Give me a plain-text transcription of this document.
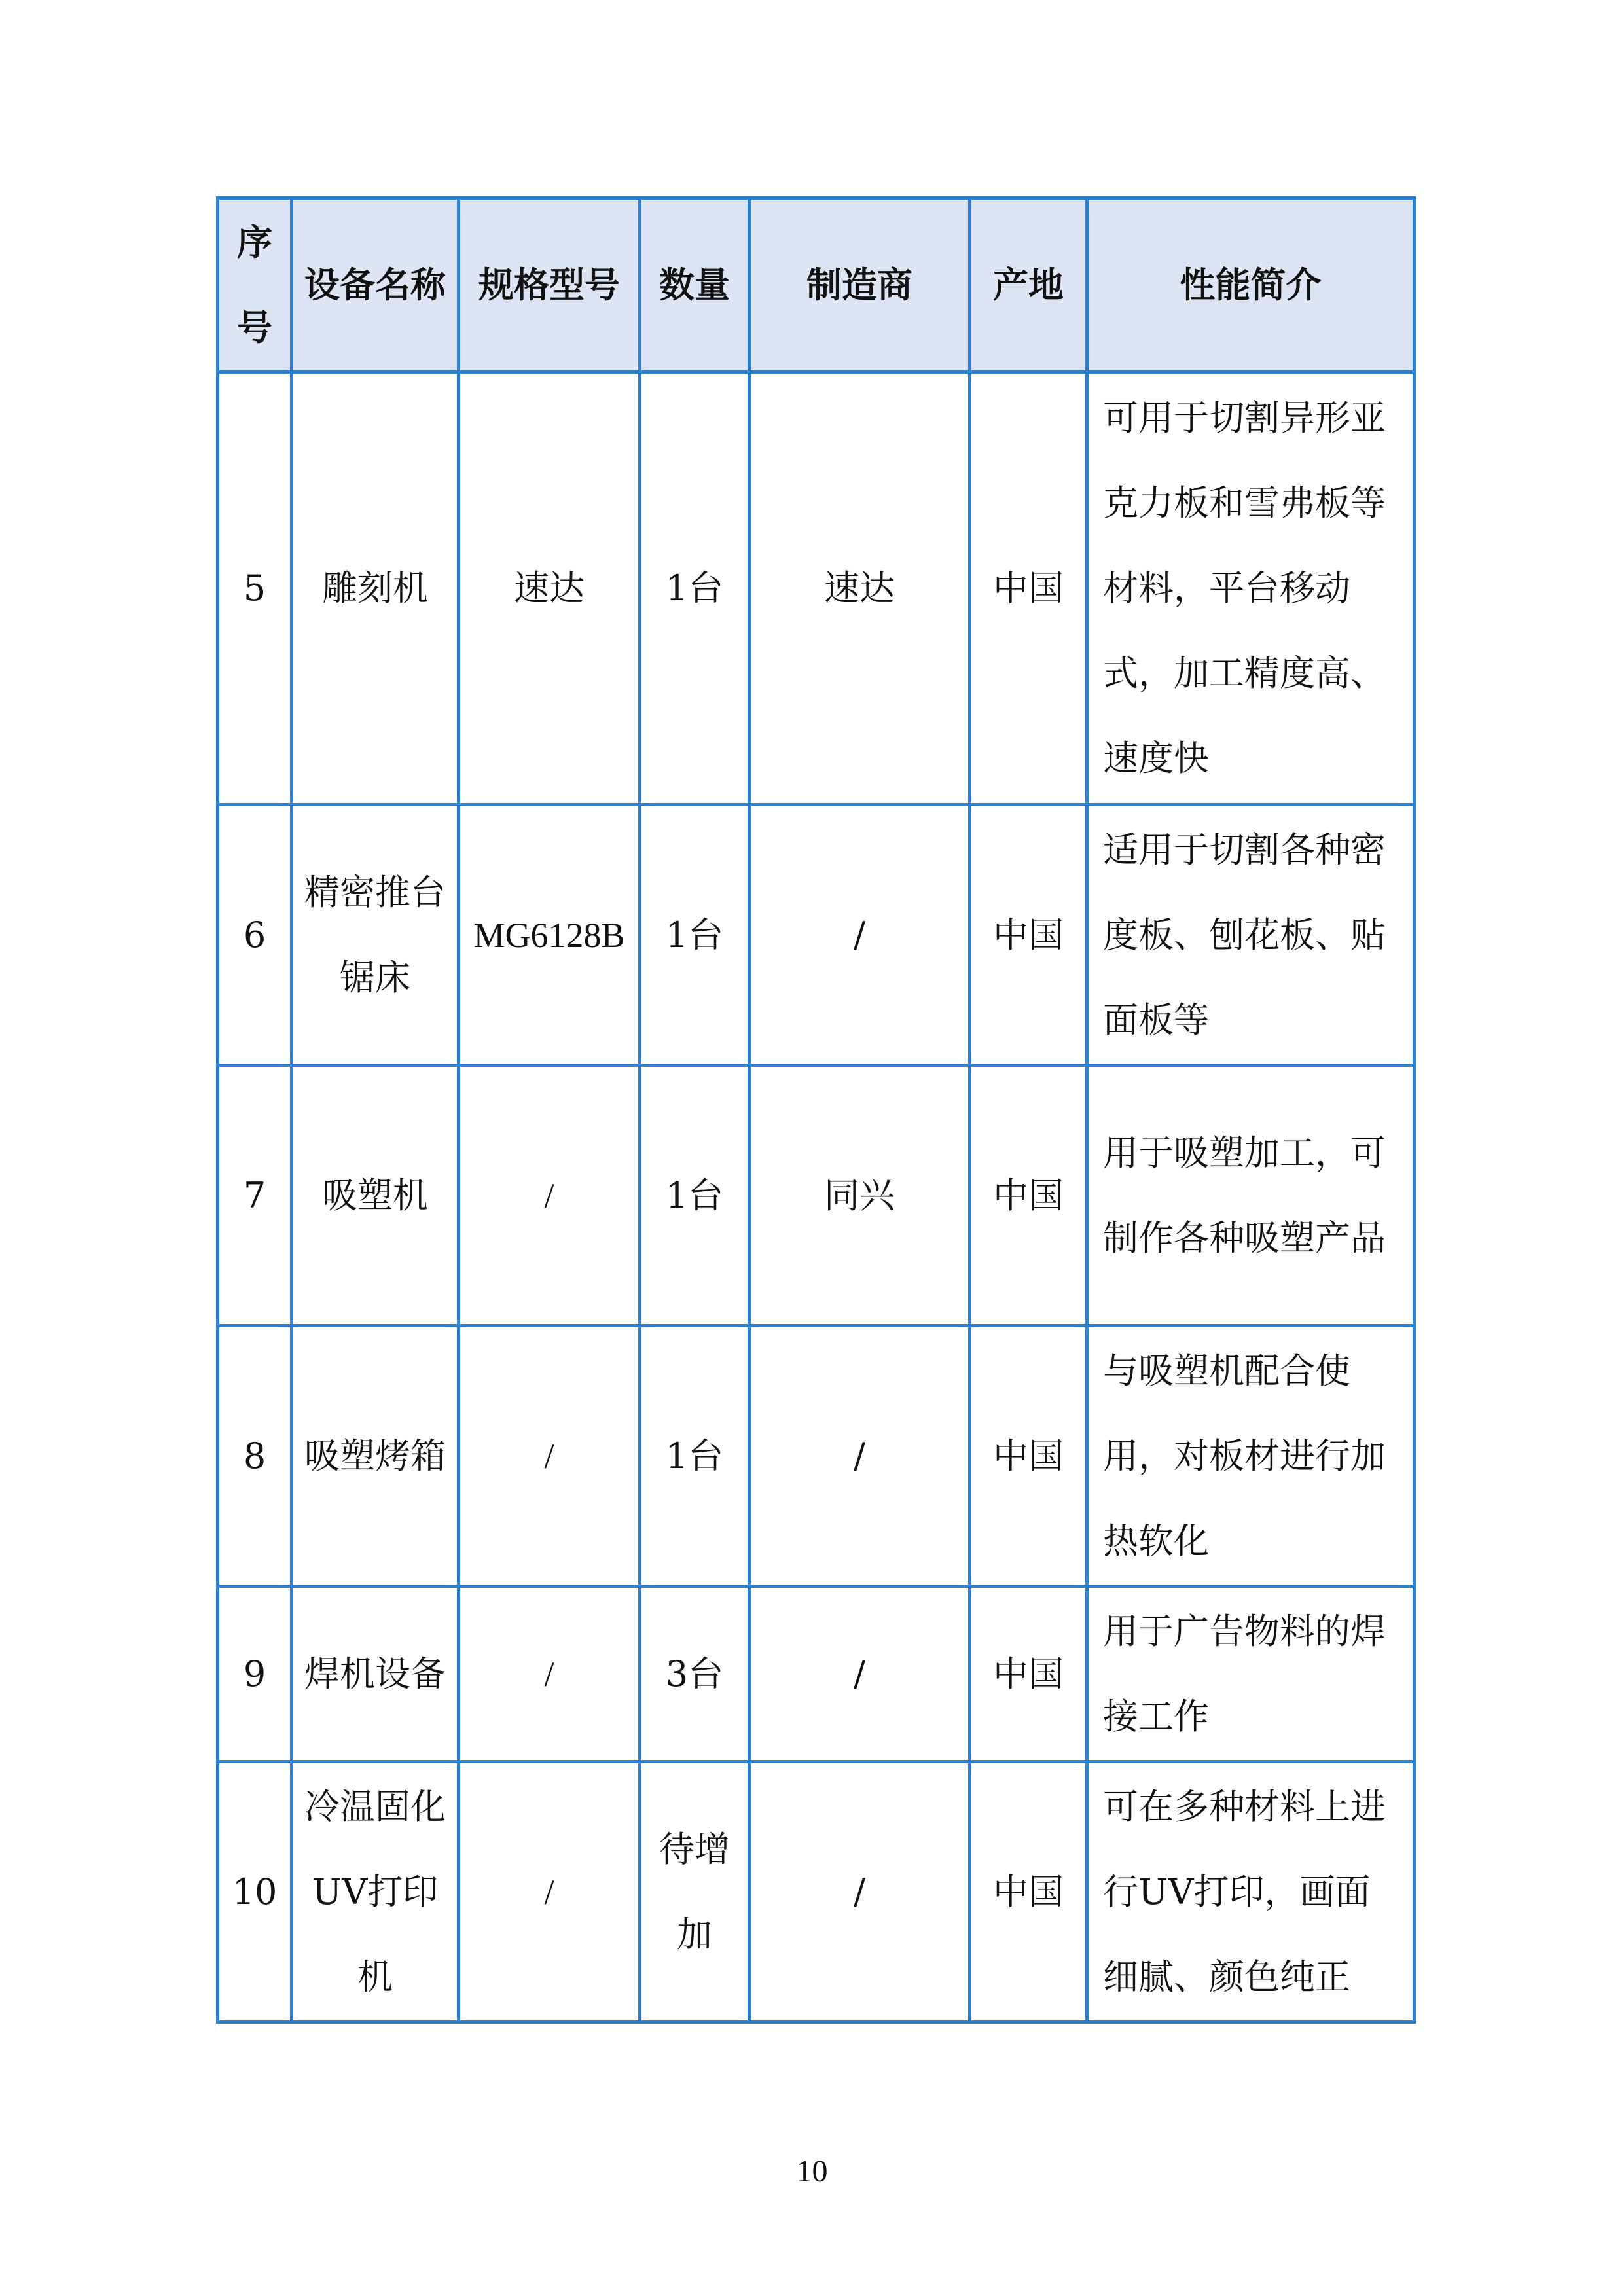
序号	设备名称	规格型号	数量	制造商	产地	性能简介
5	雕刻机	速达	1台	速达	中国	可用于切割异形亚克力板和雪弗板等材料，平台移动式，加工精度高、速度快
6	精密推台锯床	MG6128B	1台	/	中国	适用于切割各种密度板、刨花板、贴面板等
7	吸塑机	/	1台	同兴	中国	用于吸塑加工，可制作各种吸塑产品
8	吸塑烤箱	/	1台	/	中国	与吸塑机配合使用，对板材进行加热软化
9	焊机设备	/	3台	/	中国	用于广告物料的焊接工作
10	冷温固化UV打印机	/	待增加	/	中国	可在多种材料上进行UV打印，画面细腻、颜色纯正
10
